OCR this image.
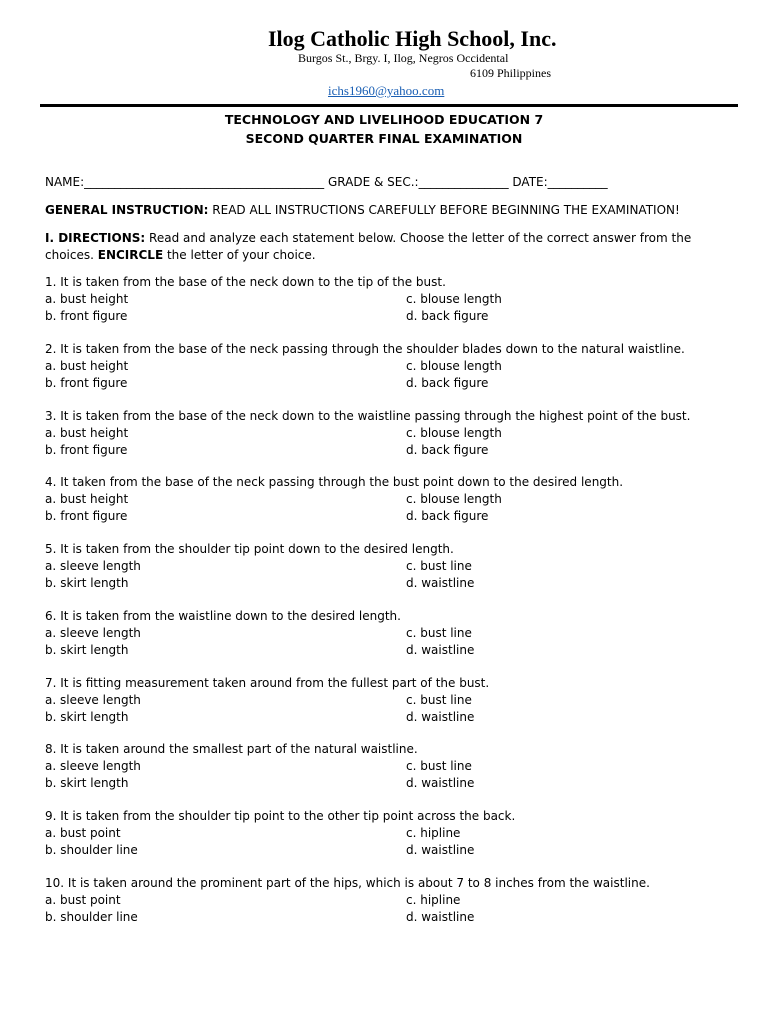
Ilog Catholic High School, Inc.
Burgos St., Brgy. I, Ilog, Negros Occidental
6109 Philippines
ichs1960@yahoo.com
TECHNOLOGY AND LIVELIHOOD EDUCATION 7
SECOND QUARTER FINAL EXAMINATION
NAME:________________________________________ GRADE & SEC.:_______________ DATE:__________
GENERAL INSTRUCTION: READ ALL INSTRUCTIONS CAREFULLY BEFORE BEGINNING THE EXAMINATION!
I. DIRECTIONS: Read and analyze each statement below. Choose the letter of the correct answer from the choices. ENCIRCLE the letter of your choice.
1. It is taken from the base of the neck down to the tip of the bust.
a. bust height
b. front figure
c. blouse length
d. back figure
2. It is taken from the base of the neck passing through the shoulder blades down to the natural waistline.
a. bust height
b. front figure
c. blouse length
d. back figure
3. It is taken from the base of the neck down to the waistline passing through the highest point of the bust.
a. bust height
b. front figure
c. blouse length
d. back figure
4. It taken from the base of the neck passing through the bust point down to the desired length.
a. bust height
b. front figure
c. blouse length
d. back figure
5. It is taken from the shoulder tip point down to the desired length.
a. sleeve length
b. skirt length
c. bust line
d. waistline
6. It is taken from the waistline down to the desired length.
a. sleeve length
b. skirt length
c. bust line
d. waistline
7. It is fitting measurement taken around from the fullest part of the bust.
a. sleeve length
b. skirt length
c. bust line
d. waistline
8. It is taken around the smallest part of the natural waistline.
a. sleeve length
b. skirt length
c. bust line
d. waistline
9. It is taken from the shoulder tip point to the other tip point across the back.
a. bust point
b. shoulder line
c. hipline
d. waistline
10. It is taken around the prominent part of the hips, which is about 7 to 8 inches from the waistline.
a. bust point
b. shoulder line
c. hipline
d. waistline
